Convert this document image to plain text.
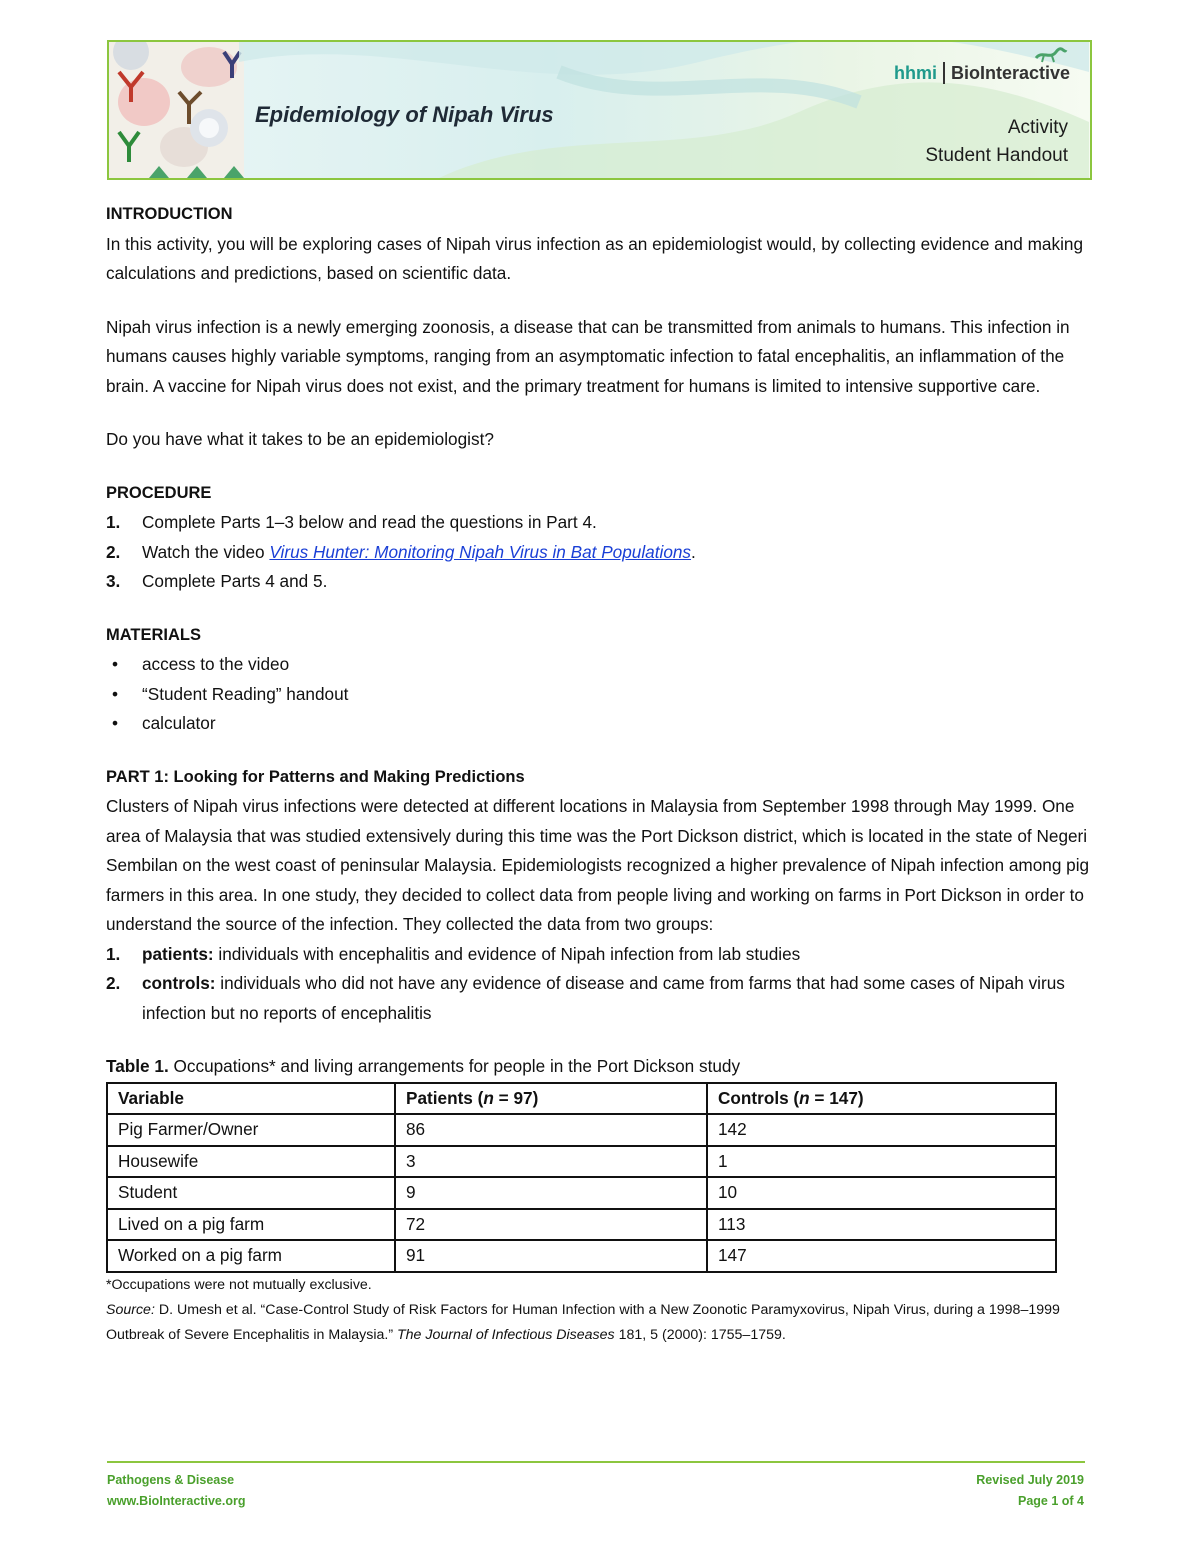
Epidemiology of Nipah Virus
hhmi BioInteractive
Activity
Student Handout

INTRODUCTION

In this activity, you will be exploring cases of Nipah virus infection as an epidemiologist would, by collecting evidence and making calculations and predictions, based on scientific data.

Nipah virus infection is a newly emerging zoonosis, a disease that can be transmitted from animals to humans. This infection in humans causes highly variable symptoms, ranging from an asymptomatic infection to fatal encephalitis, an inflammation of the brain. A vaccine for Nipah virus does not exist, and the primary treatment for humans is limited to intensive supportive care.

Do you have what it takes to be an epidemiologist?

PROCEDURE

1.	Complete Parts 1–3 below and read the questions in Part 4.
2.	Watch the video Virus Hunter: Monitoring Nipah Virus in Bat Populations.
3.	Complete Parts 4 and 5.

MATERIALS

•	access to the video
•	“Student Reading” handout
•	calculator

PART 1: Looking for Patterns and Making Predictions

Clusters of Nipah virus infections were detected at different locations in Malaysia from September 1998 through May 1999. One area of Malaysia that was studied extensively during this time was the Port Dickson district, which is located in the state of Negeri Sembilan on the west coast of peninsular Malaysia. Epidemiologists recognized a higher prevalence of Nipah infection among pig farmers in this area. In one study, they decided to collect data from people living and working on farms in Port Dickson in order to understand the source of the infection. They collected the data from two groups:

1.	patients: individuals with encephalitis and evidence of Nipah infection from lab studies
2.	controls: individuals who did not have any evidence of disease and came from farms that had some cases of Nipah virus infection but no reports of encephalitis

Table 1. Occupations* and living arrangements for people in the Port Dickson study

Variable	Patients (n = 97)	Controls (n = 147)
Pig Farmer/Owner	86	142
Housewife	3	1
Student	9	10
Lived on a pig farm	72	113
Worked on a pig farm	91	147

*Occupations were not mutually exclusive.

Source: D. Umesh et al. “Case-Control Study of Risk Factors for Human Infection with a New Zoonotic Paramyxovirus, Nipah Virus, during a 1998–1999 Outbreak of Severe Encephalitis in Malaysia.” The Journal of Infectious Diseases 181, 5 (2000): 1755–1759.

Pathogens & Disease
www.BioInteractive.org
Revised July 2019
Page 1 of 4
